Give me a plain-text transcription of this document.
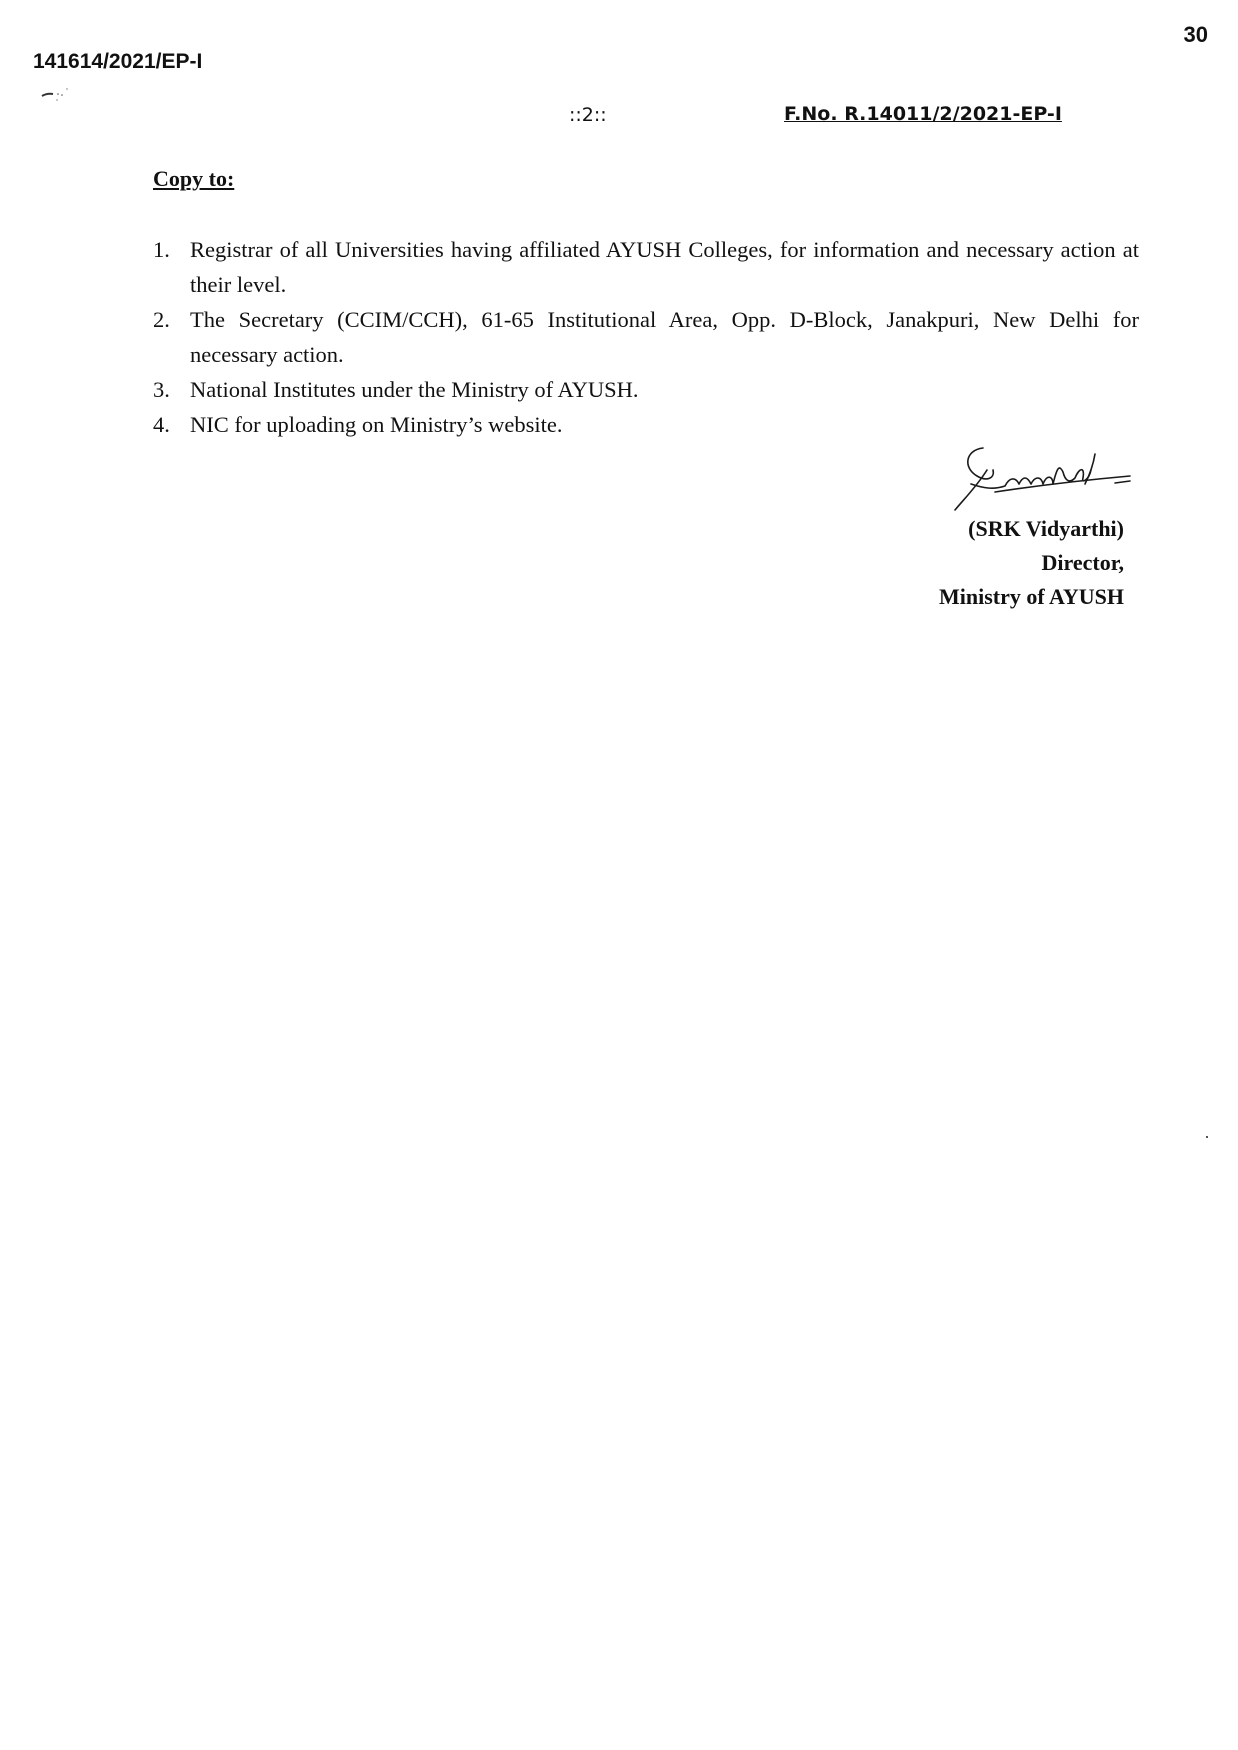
30
141614/2021/EP-I
::2::	F.No. R.14011/2/2021-EP-I
Copy to:
1. Registrar of all Universities having affiliated AYUSH Colleges, for information and necessary action at their level.
2. The Secretary (CCIM/CCH), 61-65 Institutional Area, Opp. D-Block, Janakpuri, New Delhi for necessary action.
3. National Institutes under the Ministry of AYUSH.
4. NIC for uploading on Ministry’s website.
(SRK Vidyarthi)
Director,
Ministry of AYUSH
